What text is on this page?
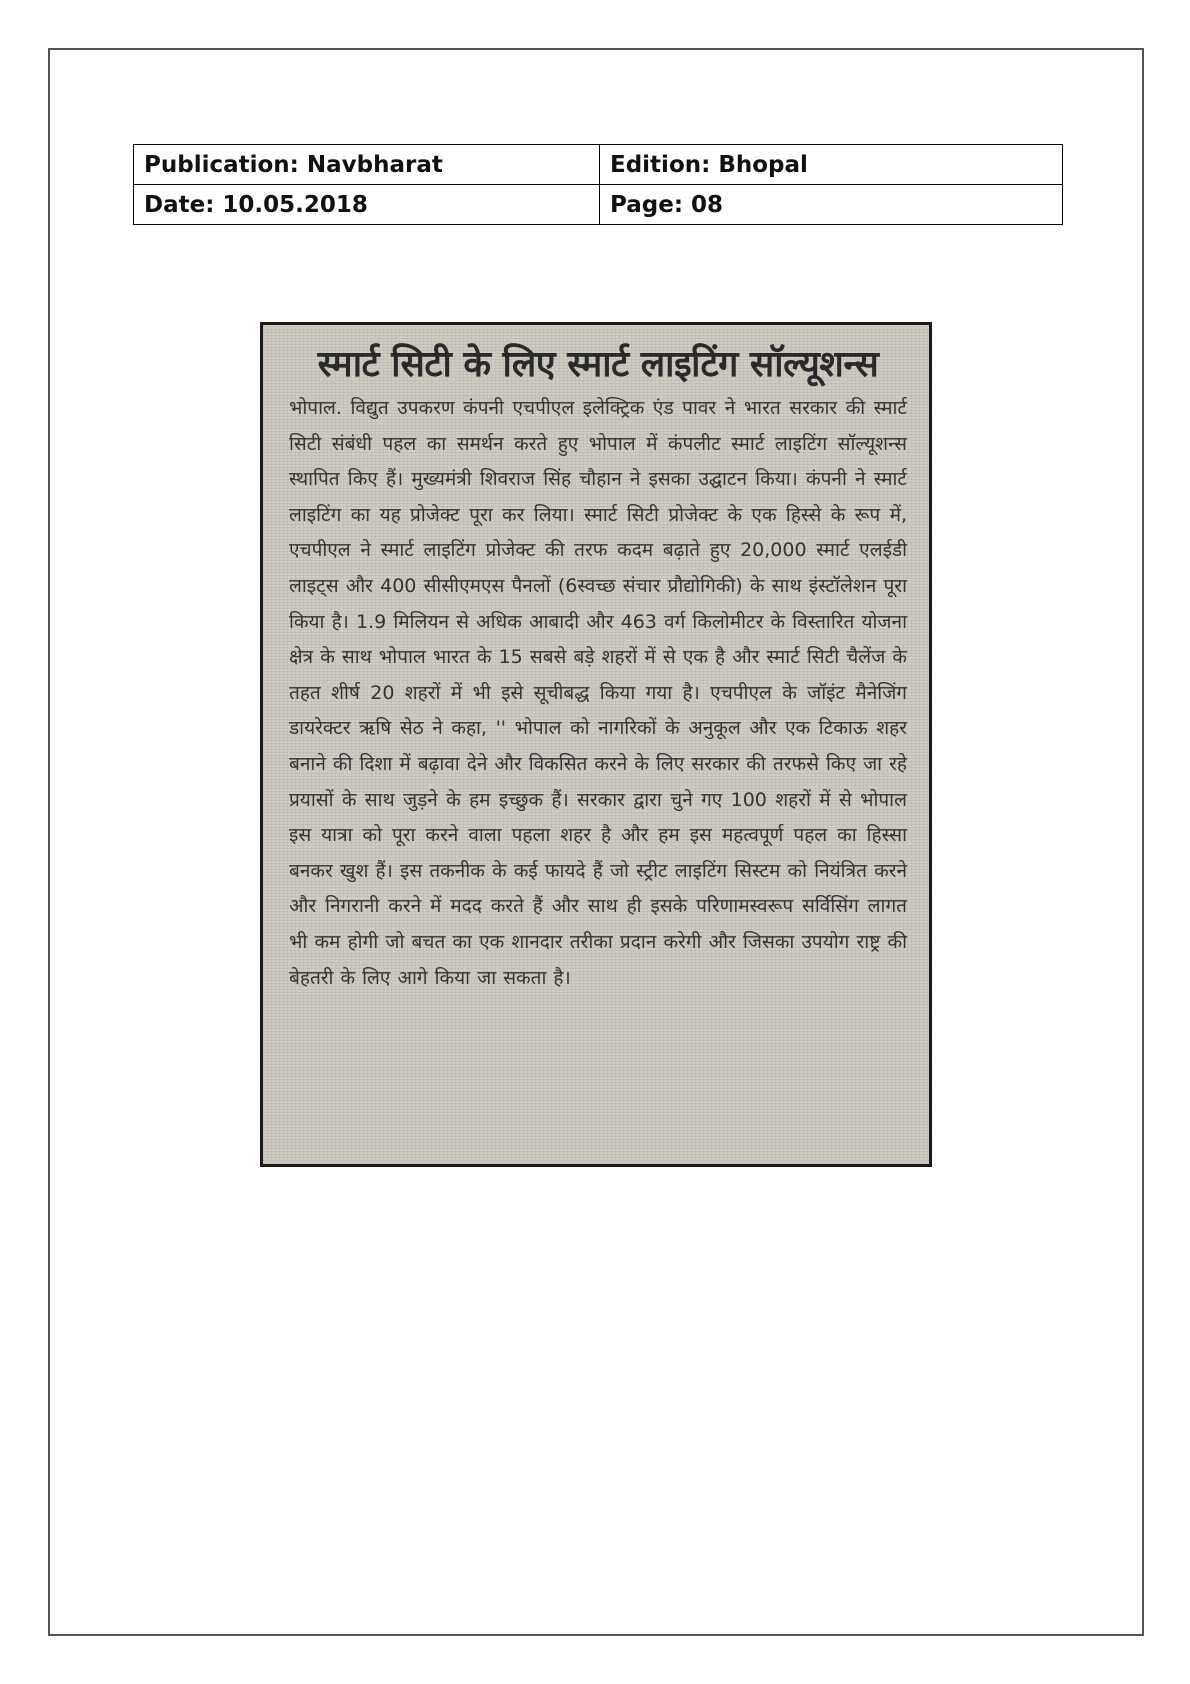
Publication: Navbharat	Edition: Bhopal
Date: 10.05.2018	Page: 08
स्मार्ट सिटी के लिए स्मार्ट लाइटिंग सॉल्यूशन्स

भोपाल. विद्युत उपकरण कंपनी एचपीएल इलेक्ट्रिक एंड पावर ने भारत सरकार की स्मार्ट सिटी संबंधी पहल का समर्थन करते हुए भोपाल में कंपलीट स्मार्ट लाइटिंग सॉल्यूशन्स स्थापित किए हैं। मुख्यमंत्री शिवराज सिंह चौहान ने इसका उद्घाटन किया। कंपनी ने स्मार्ट लाइटिंग का यह प्रोजेक्ट पूरा कर लिया। स्मार्ट सिटी प्रोजेक्ट के एक हिस्से के रूप में, एचपीएल ने स्मार्ट लाइटिंग प्रोजेक्ट की तरफ कदम बढ़ाते हुए 20,000 स्मार्ट एलईडी लाइट्स और 400 सीसीएमएस पैनलों (6स्वच्छ संचार प्रौद्योगिकी) के साथ इंस्टॉलेशन पूरा किया है। 1.9 मिलियन से अधिक आबादी और 463 वर्ग किलोमीटर के विस्तारित योजना क्षेत्र के साथ भोपाल भारत के 15 सबसे बड़े शहरों में से एक है और स्मार्ट सिटी चैलेंज के तहत शीर्ष 20 शहरों में भी इसे सूचीबद्ध किया गया है। एचपीएल के जॉइंट मैनेजिंग डायरेक्टर ऋषि सेठ ने कहा, '' भोपाल को नागरिकों के अनुकूल और एक टिकाऊ शहर बनाने की दिशा में बढ़ावा देने और विकसित करने के लिए सरकार की तरफसे किए जा रहे प्रयासों के साथ जुड़ने के हम इच्छुक हैं। सरकार द्वारा चुने गए 100 शहरों में से भोपाल इस यात्रा को पूरा करने वाला पहला शहर है और हम इस महत्वपूर्ण पहल का हिस्सा बनकर खुश हैं। इस तकनीक के कई फायदे हैं जो स्ट्रीट लाइटिंग सिस्टम को नियंत्रित करने और निगरानी करने में मदद करते हैं और साथ ही इसके परिणामस्वरूप सर्विसिंग लागत भी कम होगी जो बचत का एक शानदार तरीका प्रदान करेगी और जिसका उपयोग राष्ट्र की बेहतरी के लिए आगे किया जा सकता है।
